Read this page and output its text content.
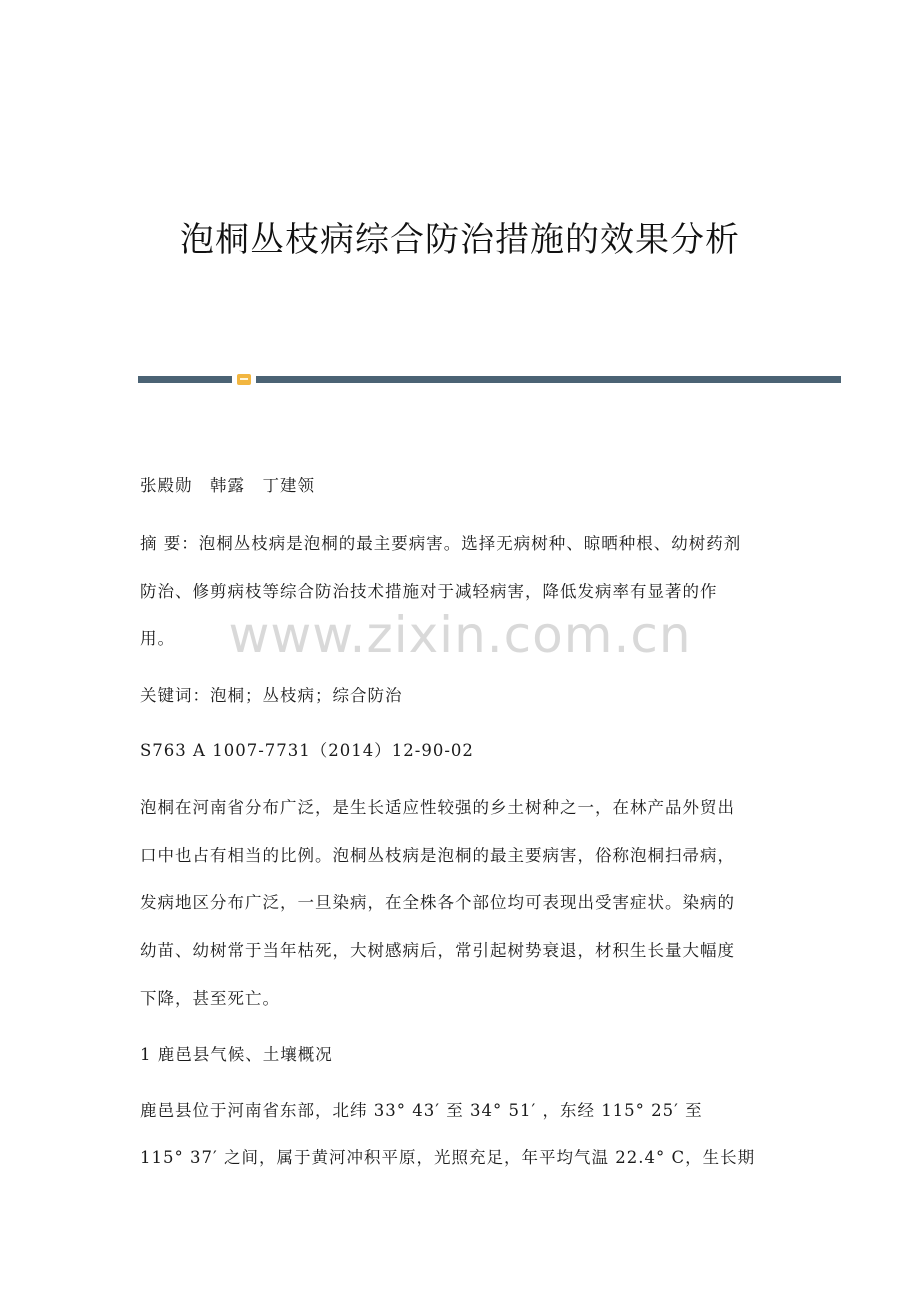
泡桐丛枝病综合防治措施的效果分析

张殿勋　韩露　丁建领

摘 要：泡桐丛枝病是泡桐的最主要病害。选择无病树种、晾晒种根、幼树药剂

防治、修剪病枝等综合防治技术措施对于减轻病害，降低发病率有显著的作

用。	www.zixin.com.cn

关键词：泡桐；丛枝病；综合防治

S763 A 1007-7731（2014）12-90-02

泡桐在河南省分布广泛，是生长适应性较强的乡土树种之一，在林产品外贸出

口中也占有相当的比例。泡桐丛枝病是泡桐的最主要病害，俗称泡桐扫帚病，

发病地区分布广泛，一旦染病，在全株各个部位均可表现出受害症状。染病的

幼苗、幼树常于当年枯死，大树感病后，常引起树势衰退，材积生长量大幅度

下降，甚至死亡。

1 鹿邑县气候、土壤概况

鹿邑县位于河南省东部，北纬 33° 43′ 至 34° 51′ ，东经 115° 25′ 至

115° 37′ 之间，属于黄河冲积平原，光照充足，年平均气温 22.4° C，生长期
